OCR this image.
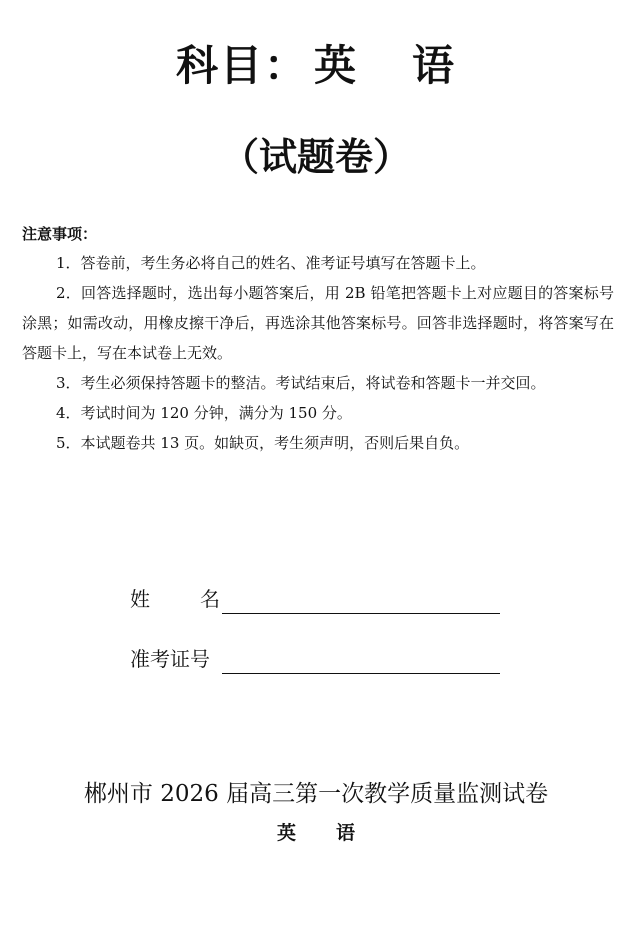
科目： 英 语
（试题卷）
注意事项：

1．答卷前，考生务必将自己的姓名、准考证号填写在答题卡上。

2．回答选择题时，选出每小题答案后，用 2B 铅笔把答题卡上对应题目的答案标号涂黑；如需改动，用橡皮擦干净后，再选涂其他答案标号。回答非选择题时，将答案写在答题卡上，写在本试卷上无效。

3．考生必须保持答题卡的整洁。考试结束后，将试卷和答题卡一并交回。

4．考试时间为 120 分钟，满分为 150 分。

5．本试题卷共 13 页。如缺页，考生须声明，否则后果自负。

姓	名
准考证号
郴州市 2026 届高三第一次教学质量监测试卷
英 语
